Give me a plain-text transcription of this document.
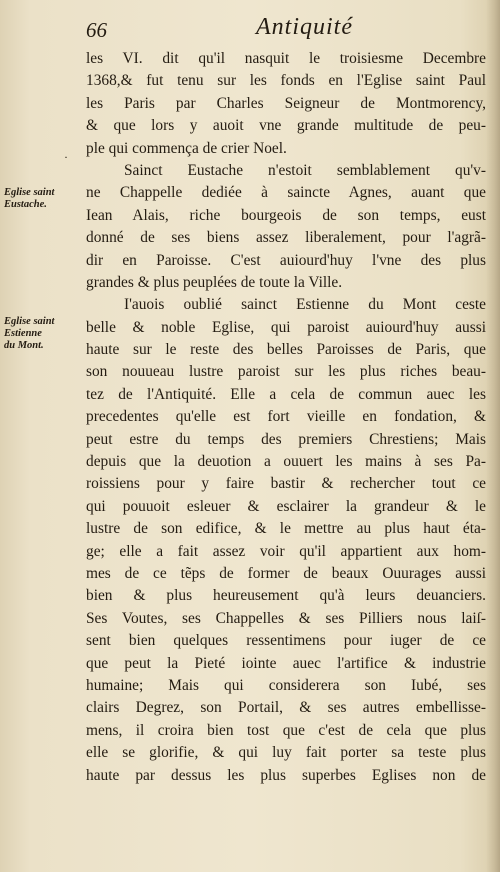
66	Antiquité
Eglise saint
Eustache.
Eglise saint
Estienne
du Mont.
·
les VI. dit qu'il nasquit le troisiesme Decembre
1368,& fut tenu sur les fonds en l'Eglise saint Paul
les Paris par Charles Seigneur de Montmorency,
& que lors y auoit vne grande multitude de peu-
ple qui commença de crier Noel.
Sainct Eustache n'estoit semblablement qu'v-
ne Chappelle dediée à saincte Agnes, auant que
Iean Alais, riche bourgeois de son temps, eust
donné de ses biens assez liberalement, pour l'agrã-
dir en Paroisse. C'est auiourd'huy l'vne des plus
grandes & plus peuplées de toute la Ville.
I'auois oublié sainct Estienne du Mont ceste
belle & noble Eglise, qui paroist auiourd'huy aussi
haute sur le reste des belles Paroisses de Paris, que
son nouueau lustre paroist sur les plus riches beau-
tez de l'Antiquité. Elle a cela de commun auec les
precedentes qu'elle est fort vieille en fondation, &
peut estre du temps des premiers Chrestiens; Mais
depuis que la deuotion a ouuert les mains à ses Pa-
roissiens pour y faire bastir & rechercher tout ce
qui pouuoit esleuer & esclairer la grandeur & le
lustre de son edifice, & le mettre au plus haut éta-
ge; elle a fait assez voir qu'il appartient aux hom-
mes de ce tẽps de former de beaux Ouurages aussi
bien & plus heureusement qu'à leurs deuanciers.
Ses Voutes, ses Chappelles & ses Pilliers nous laiſ-
sent bien quelques ressentimens pour iuger de ce
que peut la Pieté iointe auec l'artifice & industrie
humaine; Mais qui considerera son Iubé, ses
clairs Degrez, son Portail, & ses autres embellisse-
mens, il croira bien tost que c'est de cela que plus
elle se glorifie, & qui luy fait porter sa teste plus
haute par dessus les plus superbes Eglises non de
